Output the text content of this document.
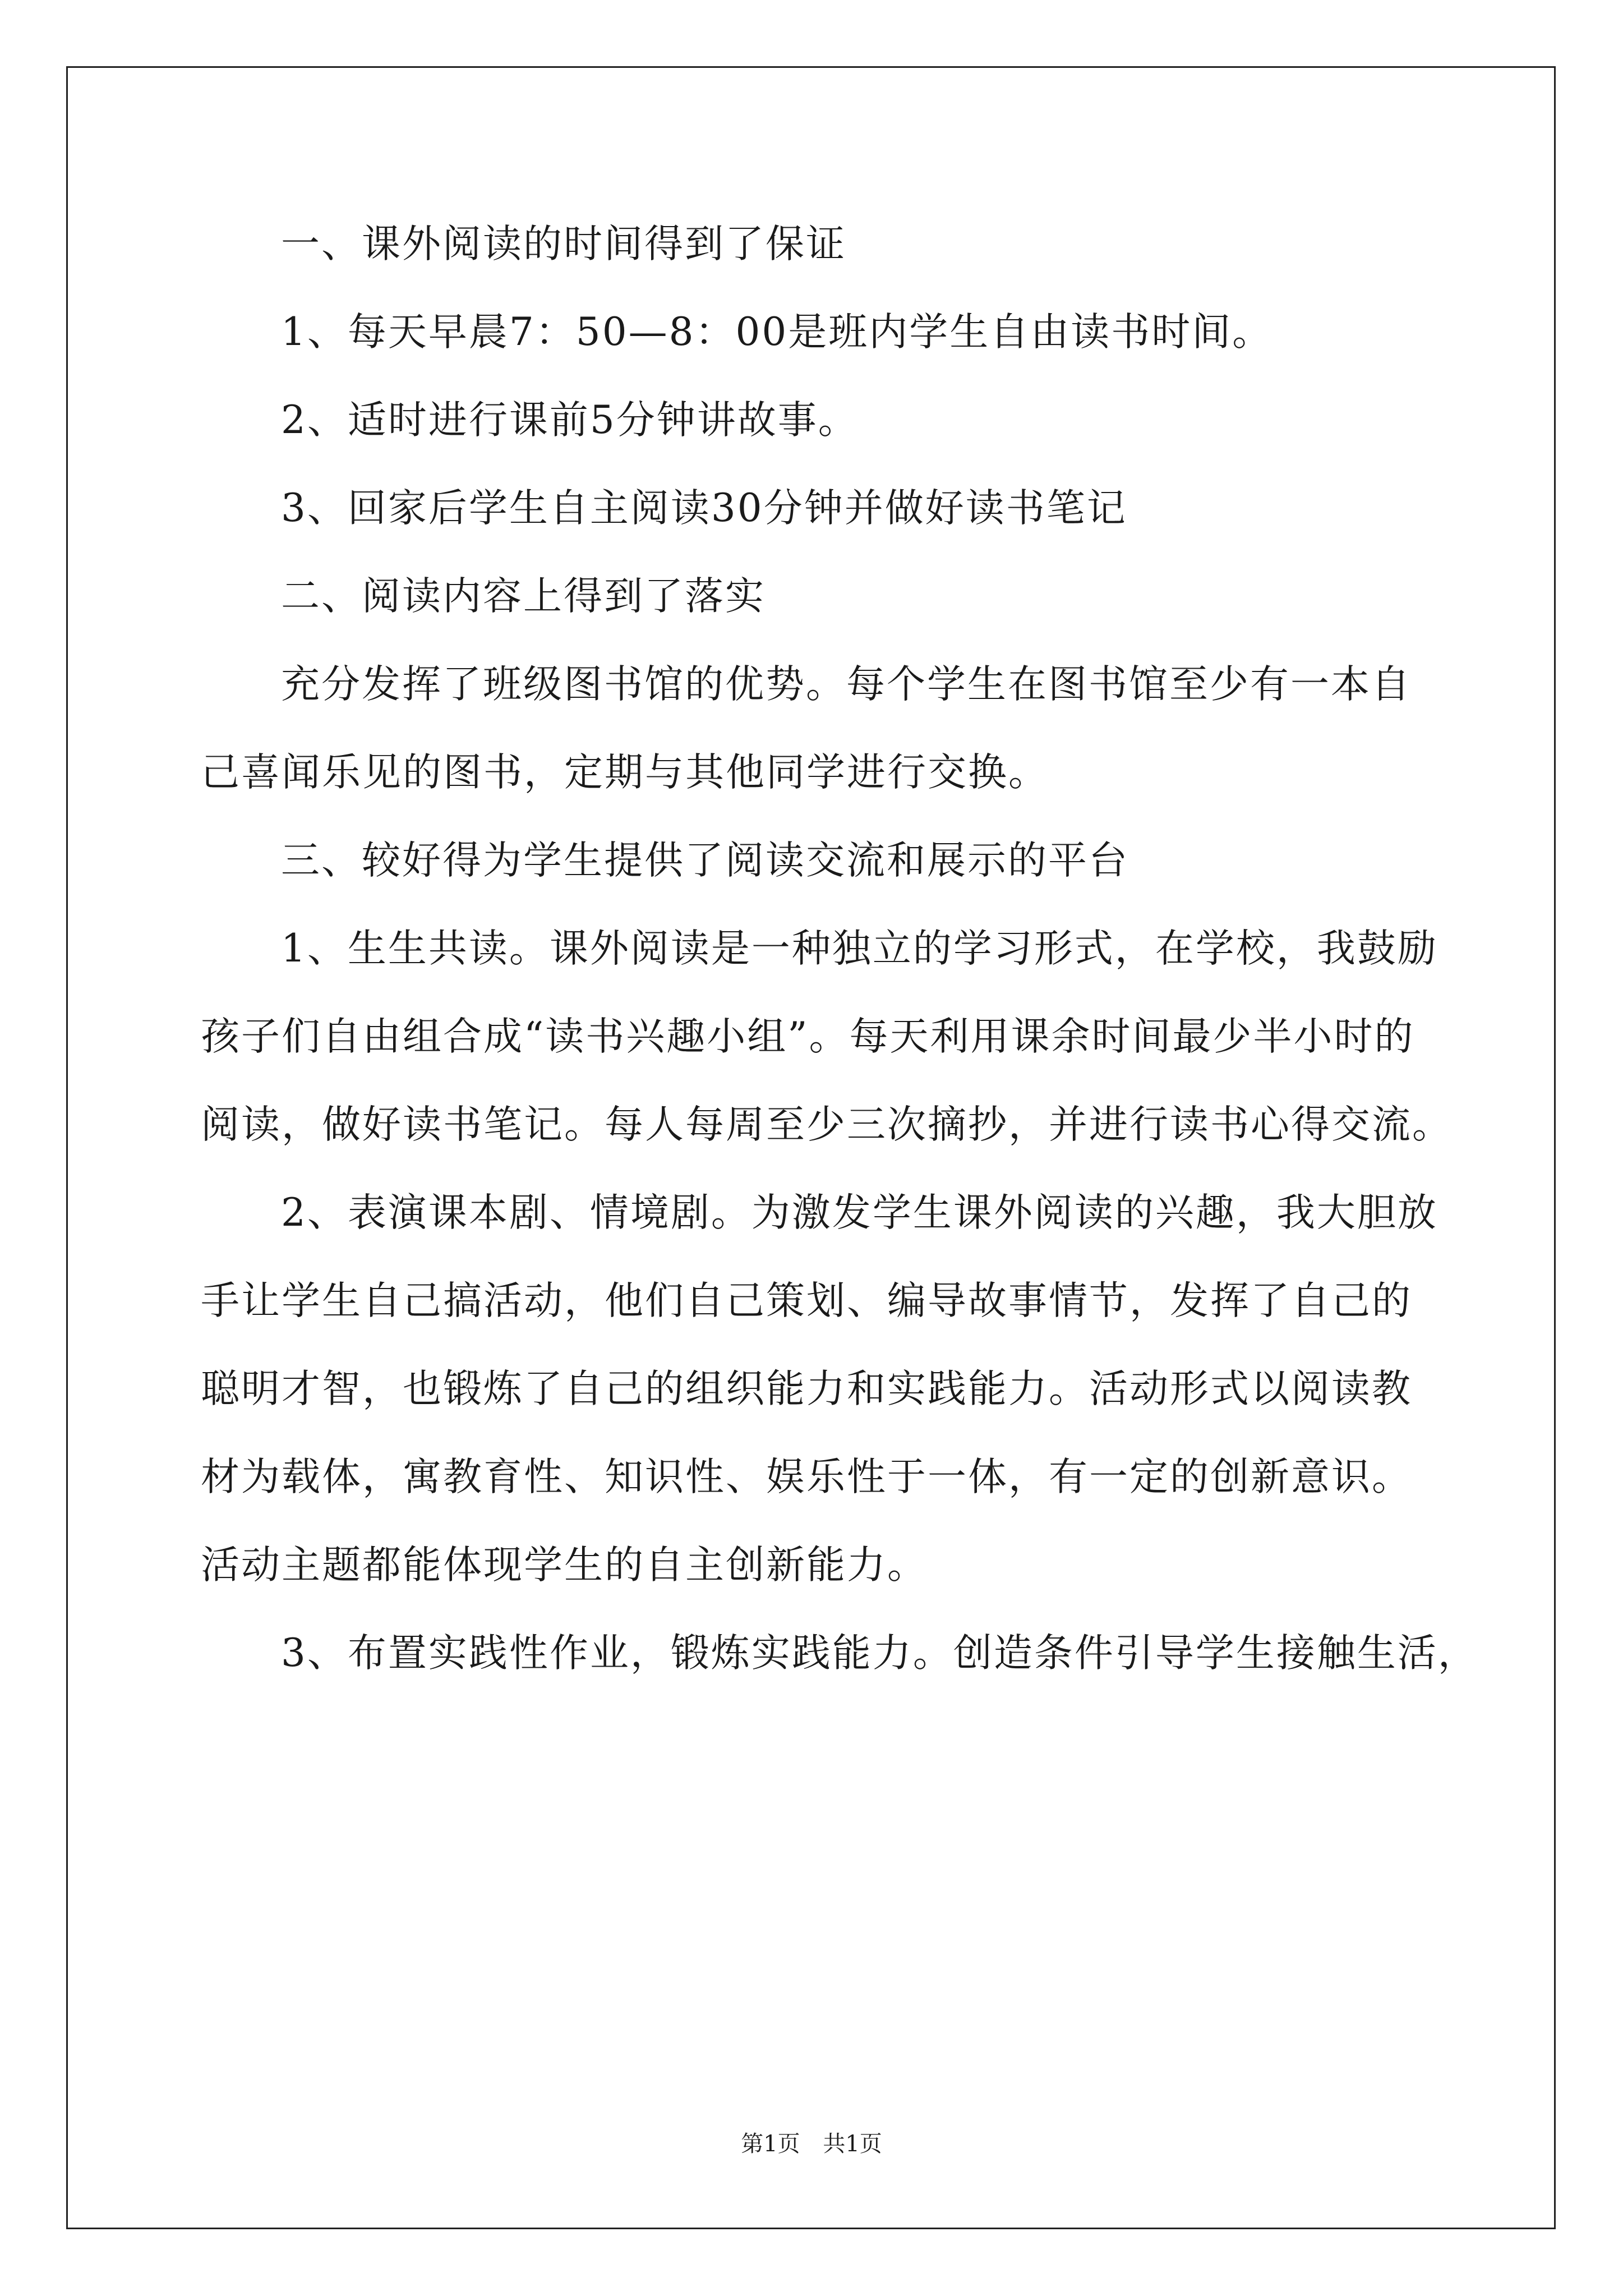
一、课外阅读的时间得到了保证
1、每天早晨7：50—8：00是班内学生自由读书时间。
2、适时进行课前5分钟讲故事。
3、回家后学生自主阅读30分钟并做好读书笔记
二、阅读内容上得到了落实
充分发挥了班级图书馆的优势。每个学生在图书馆至少有一本自
己喜闻乐见的图书，定期与其他同学进行交换。
三、较好得为学生提供了阅读交流和展示的平台
1、生生共读。课外阅读是一种独立的学习形式，在学校，我鼓励
孩子们自由组合成“读书兴趣小组”。每天利用课余时间最少半小时的
阅读，做好读书笔记。每人每周至少三次摘抄，并进行读书心得交流。
2、表演课本剧、情境剧。为激发学生课外阅读的兴趣，我大胆放
手让学生自己搞活动，他们自己策划、编导故事情节，发挥了自己的
聪明才智，也锻炼了自己的组织能力和实践能力。活动形式以阅读教
材为载体，寓教育性、知识性、娱乐性于一体，有一定的创新意识。
活动主题都能体现学生的自主创新能力。
3、布置实践性作业，锻炼实践能力。创造条件引导学生接触生活，
第1页 共1页
